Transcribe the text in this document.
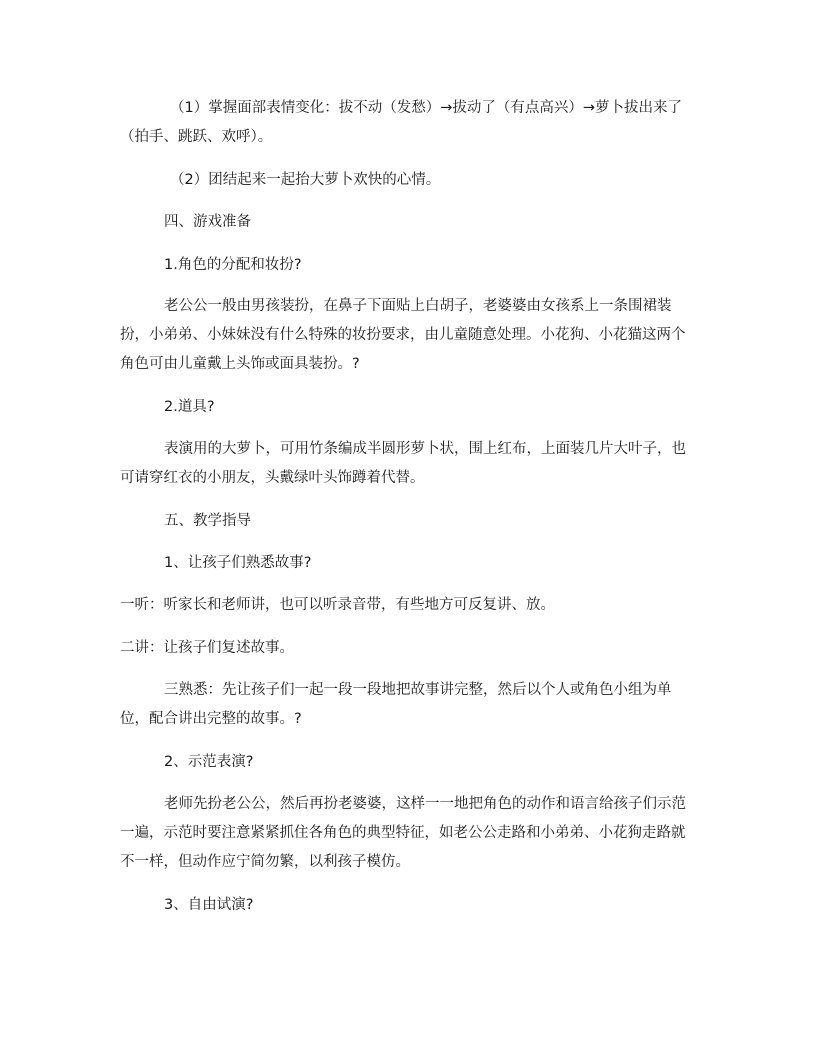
（1）掌握面部表情变化：拔不动（发愁）→拔动了（有点高兴）→萝卜拔出来了（拍手、跳跃、欢呼）。

（2）团结起来一起抬大萝卜欢快的心情。

四、游戏准备

1.角色的分配和妆扮?

老公公一般由男孩装扮，在鼻子下面贴上白胡子，老婆婆由女孩系上一条围裙装扮，小弟弟、小妹妹没有什么特殊的妆扮要求，由儿童随意处理。小花狗、小花猫这两个角色可由儿童戴上头饰或面具装扮。?

2.道具?

表演用的大萝卜，可用竹条编成半圆形萝卜状，围上红布，上面装几片大叶子，也可请穿红衣的小朋友，头戴绿叶头饰蹲着代替。

五、教学指导

1、让孩子们熟悉故事?

一听：听家长和老师讲，也可以听录音带，有些地方可反复讲、放。

二讲：让孩子们复述故事。

三熟悉：先让孩子们一起一段一段地把故事讲完整，然后以个人或角色小组为单位，配合讲出完整的故事。?

2、示范表演?

老师先扮老公公，然后再扮老婆婆，这样一一地把角色的动作和语言给孩子们示范一遍，示范时要注意紧紧抓住各角色的典型特征，如老公公走路和小弟弟、小花狗走路就不一样，但动作应宁简勿繁，以利孩子模仿。

3、自由试演?
